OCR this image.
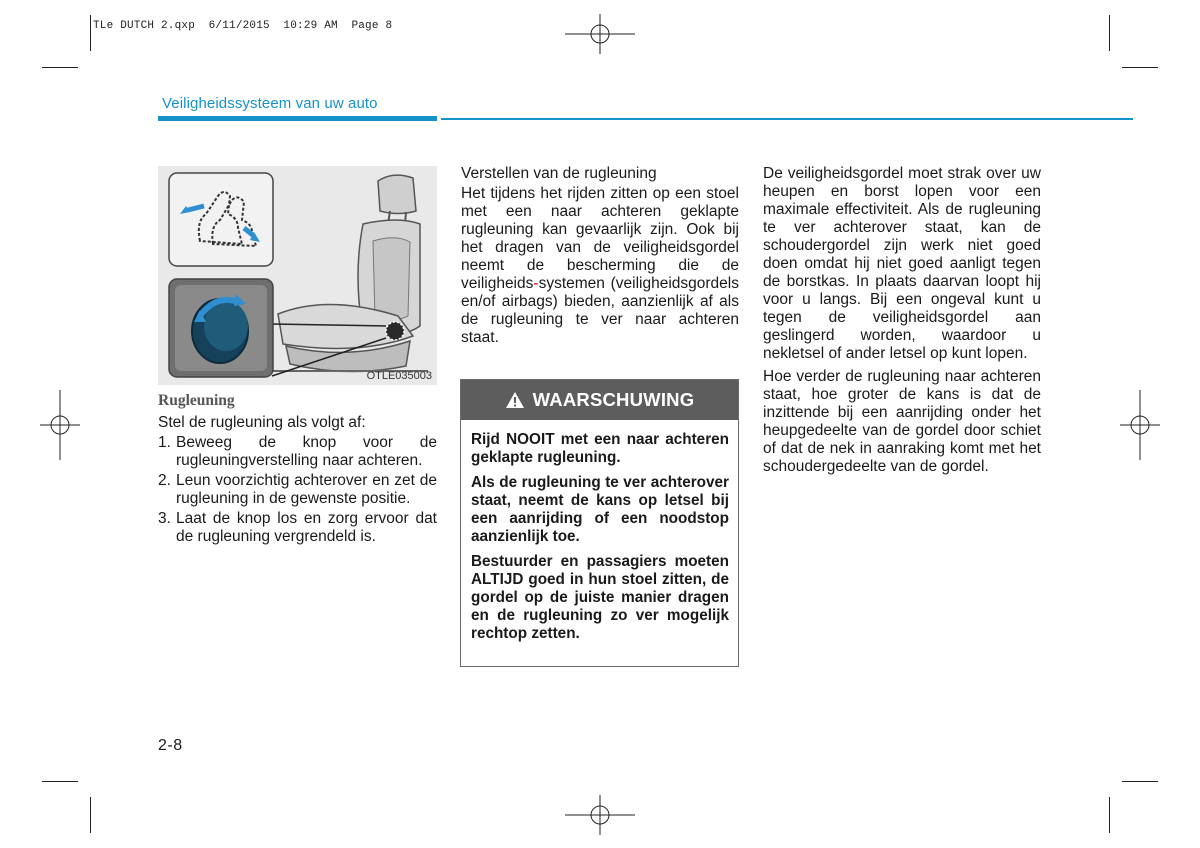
TLe DUTCH 2.qxp  6/11/2015  10:29 AM  Page 8
Veiligheidssysteem van uw auto
OTLE035003
Rugleuning

Stel de rugleuning als volgt af:

1. Beweeg de knop voor de rugleuningverstelling naar achteren.
2. Leun voorzichtig achterover en zet de rugleuning in de gewenste positie.
3. Laat de knop los en zorg ervoor dat de rugleuning vergrendeld is.

Verstellen van de rugleuning

Het tijdens het rijden zitten op een stoel met een naar achteren geklapte rugleuning kan gevaarlijk zijn. Ook bij het dragen van de veiligheidsgordel neemt de bescherming die de veiligheids-systemen (veiligheidsgordels en/of airbags) bieden, aanzienlijk af als de rugleuning te ver naar achteren staat.

WAARSCHUWING

Rijd NOOIT met een naar achteren geklapte rugleuning.

Als de rugleuning te ver achterover staat, neemt de kans op letsel bij een aanrijding of een noodstop aanzienlijk toe.

Bestuurder en passagiers moeten ALTIJD goed in hun stoel zitten, de gordel op de juiste manier dragen en de rugleuning zo ver mogelijk rechtop zetten.

De veiligheidsgordel moet strak over uw heupen en borst lopen voor een maximale effectiviteit. Als de rugleuning te ver achterover staat, kan de schoudergordel zijn werk niet goed doen omdat hij niet goed aanligt tegen de borstkas. In plaats daarvan loopt hij voor u langs. Bij een ongeval kunt u tegen de veiligheidsgordel aan geslingerd worden, waardoor u nekletsel of ander letsel op kunt lopen.

Hoe verder de rugleuning naar achteren staat, hoe groter de kans is dat de inzittende bij een aanrijding onder het heupgedeelte van de gordel door schiet of dat de nek in aanraking komt met het schoudergedeelte van de gordel.

2-8
